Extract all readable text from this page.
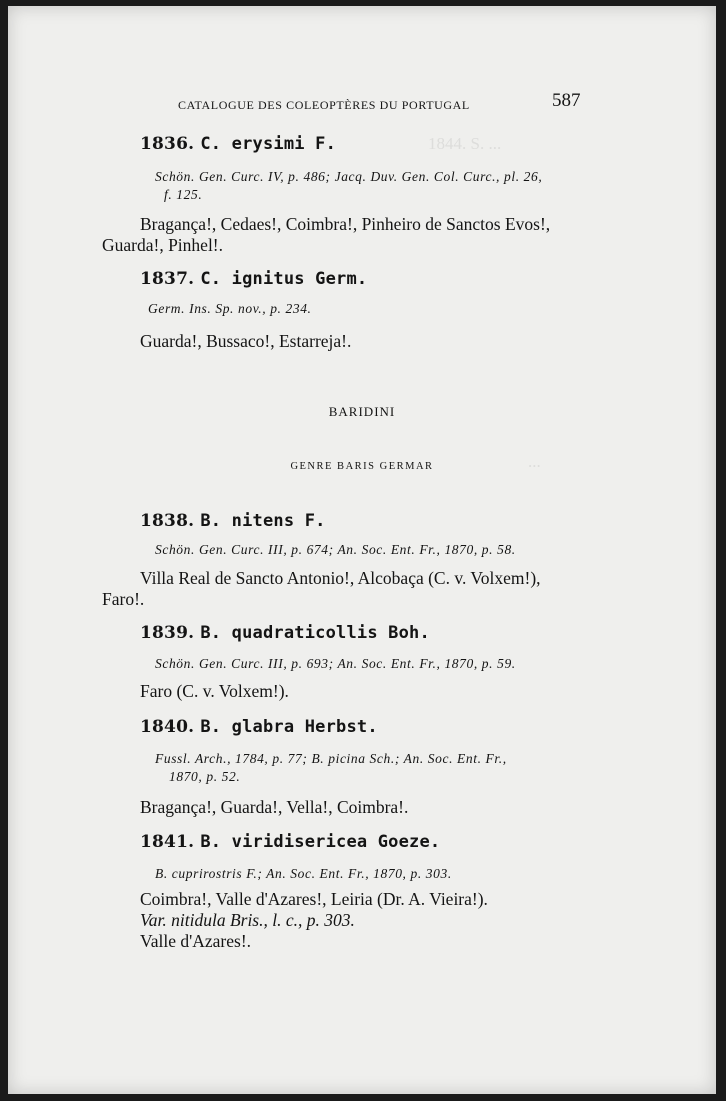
1844. S. ...
...
CATALOGUE DES COLEOPTÈRES DU PORTUGAL	587
1836. C. erysimi F.
Schön. Gen. Curc. IV, p. 486; Jacq. Duv. Gen. Col. Curc., pl. 26,
f. 125.
Bragança!, Cedaes!, Coimbra!, Pinheiro de Sanctos Evos!,
Guarda!, Pinhel!.
1837. C. ignitus Germ.
Germ. Ins. Sp. nov., p. 234.
Guarda!, Bussaco!, Estarreja!.
BARIDINI
GENRE BARIS GERMAR
1838. B. nitens F.
Schön. Gen. Curc. III, p. 674; An. Soc. Ent. Fr., 1870, p. 58.
Villa Real de Sancto Antonio!, Alcobaça (C. v. Volxem!),
Faro!.
1839. B. quadraticollis Boh.
Schön. Gen. Curc. III, p. 693; An. Soc. Ent. Fr., 1870, p. 59.
Faro (C. v. Volxem!).
1840. B. glabra Herbst.
Fussl. Arch., 1784, p. 77; B. picina Sch.; An. Soc. Ent. Fr.,
1870, p. 52.
Bragança!, Guarda!, Vella!, Coimbra!.
1841. B. viridisericea Goeze.
B. cuprirostris F.; An. Soc. Ent. Fr., 1870, p. 303.
Coimbra!, Valle d'Azares!, Leiria (Dr. A. Vieira!).
Var. nitidula Bris., l. c., p. 303.
Valle d'Azares!.
